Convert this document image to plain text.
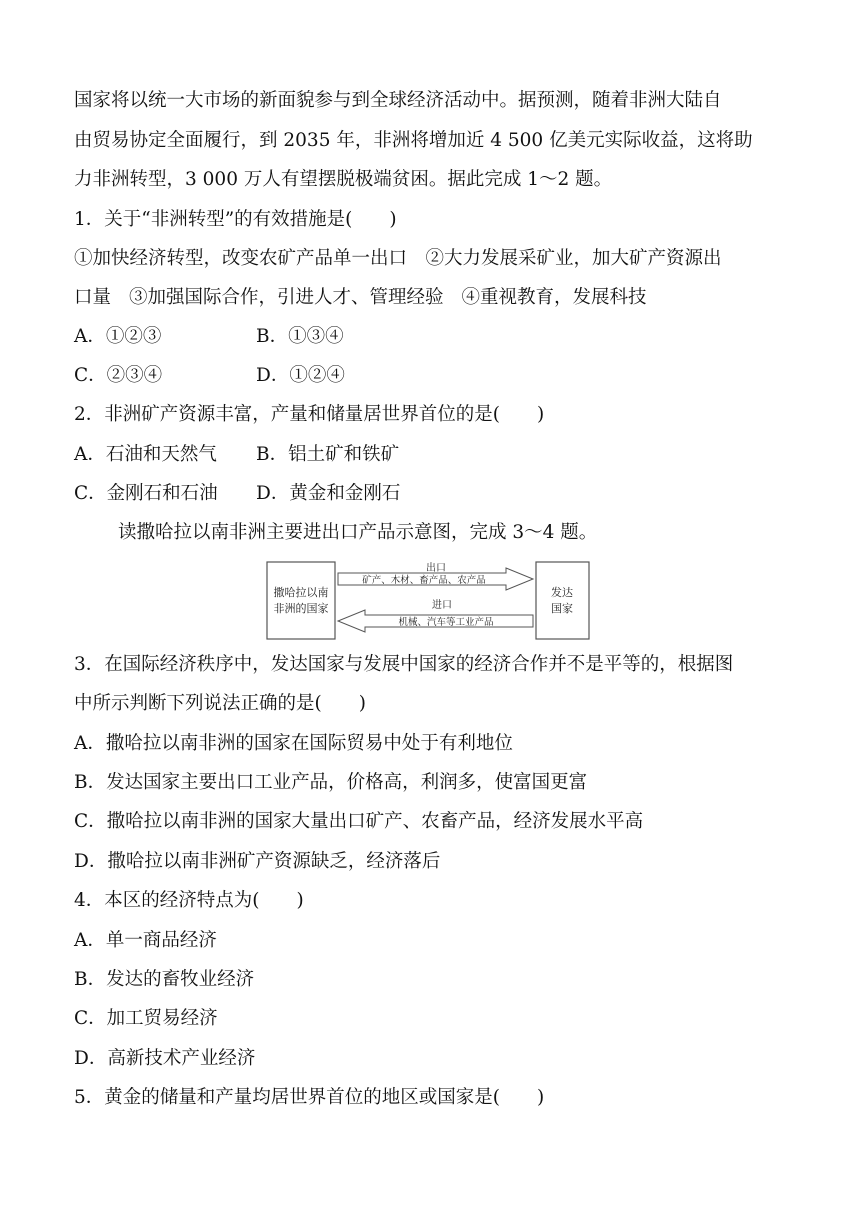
国家将以统一大市场的新面貌参与到全球经济活动中。据预测，随着非洲大陆自
由贸易协定全面履行，到 2035 年，非洲将增加近 4 500 亿美元实际收益，这将助
力非洲转型，3 000 万人有望摆脱极端贫困。据此完成 1～2 题。
1．关于“非洲转型”的有效措施是(　　)
①加快经济转型，改变农矿产品单一出口　②大力发展采矿业，加大矿产资源出
口量 ③加强国际合作，引进人才、管理经验 ④重视教育，发展科技
A．①②③	B．①③④
C．②③④	D．①②④
2．非洲矿产资源丰富，产量和储量居世界首位的是(　　)
A．石油和天然气 B．铝土矿和铁矿
C．金刚石和石油 D．黄金和金刚石
读撒哈拉以南非洲主要进出口产品示意图，完成 3～4 题。
撒哈拉以南
非洲的国家
发达
国家
出口
矿产、木材、畜产品、农产品
进口
机械、汽车等工业产品
3．在国际经济秩序中，发达国家与发展中国家的经济合作并不是平等的，根据图
中所示判断下列说法正确的是(　　)
A．撒哈拉以南非洲的国家在国际贸易中处于有利地位
B．发达国家主要出口工业产品，价格高，利润多，使富国更富
C．撒哈拉以南非洲的国家大量出口矿产、农畜产品，经济发展水平高
D．撒哈拉以南非洲矿产资源缺乏，经济落后
4．本区的经济特点为(　　)
A．单一商品经济
B．发达的畜牧业经济
C．加工贸易经济
D．高新技术产业经济
5．黄金的储量和产量均居世界首位的地区或国家是(　　)
